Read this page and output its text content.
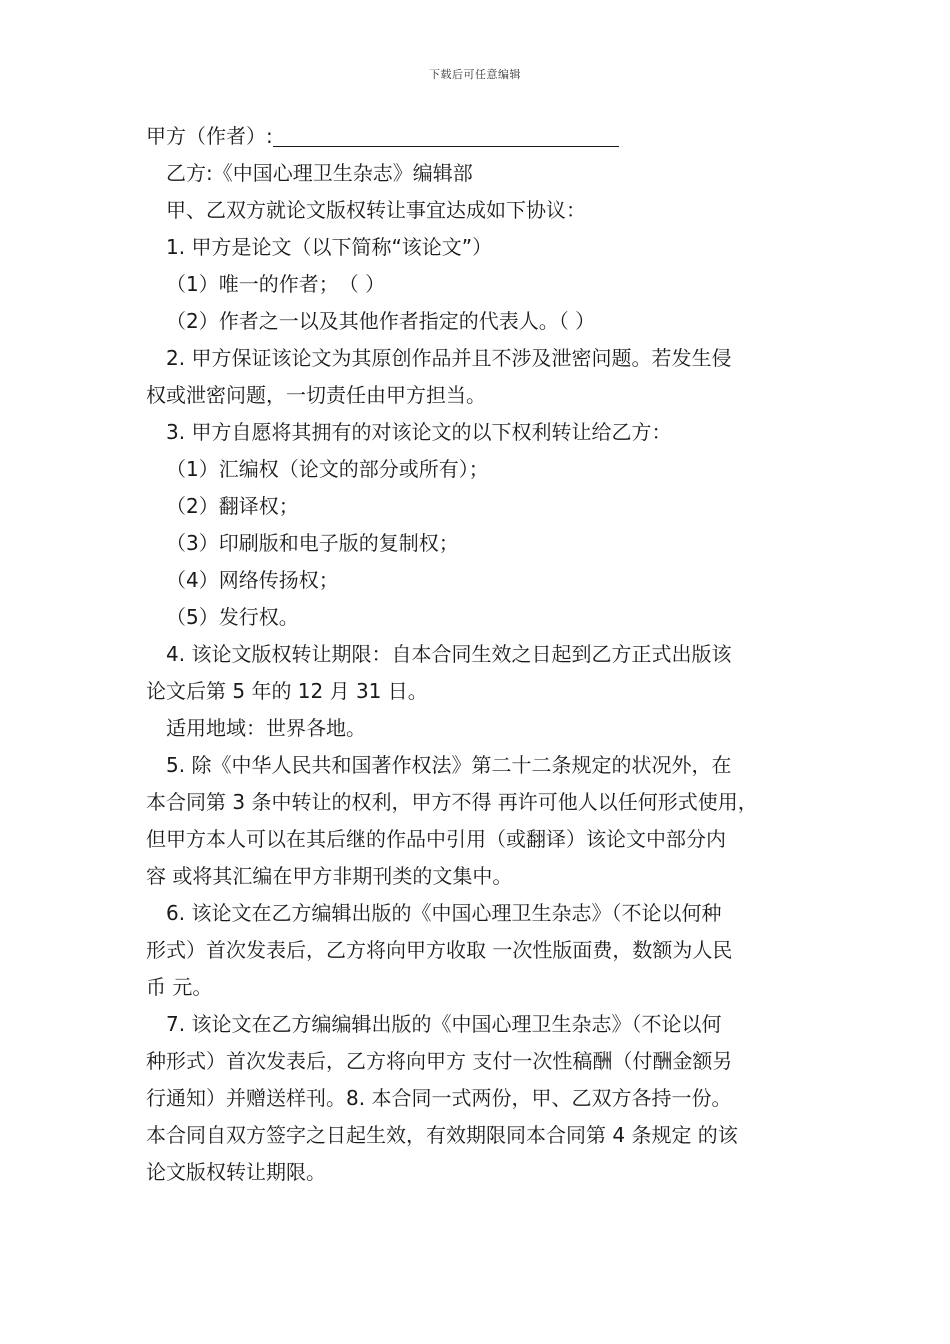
下载后可任意编辑
甲方（作者）:
乙方:《中国心理卫生杂志》编辑部
甲、乙双方就论文版权转让事宜达成如下协议：
1. 甲方是论文（以下简称“该论文”）
（1）唯一的作者；　（ ）
（2）作者之一以及其他作者指定的代表人。（ ）
2. 甲方保证该论文为其原创作品并且不涉及泄密问题。若发生侵
权或泄密问题，一切责任由甲方担当。
3. 甲方自愿将其拥有的对该论文的以下权利转让给乙方：
（1）汇编权（论文的部分或所有）；
（2）翻译权；
（3）印刷版和电子版的复制权；
（4）网络传扬权；
（5）发行权。
4. 该论文版权转让期限：自本合同生效之日起到乙方正式出版该
论文后第 5 年的 12 月 31 日。
适用地域：世界各地。
5. 除《中华人民共和国著作权法》第二十二条规定的状况外，在
本合同第 3 条中转让的权利，甲方不得 再许可他人以任何形式使用，
但甲方本人可以在其后继的作品中引用（或翻译）该论文中部分内
容 或将其汇编在甲方非期刊类的文集中。
6. 该论文在乙方编辑出版的《中国心理卫生杂志》（不论以何种
形式）首次发表后，乙方将向甲方收取 一次性版面费，数额为人民
币 元。
7. 该论文在乙方编编辑出版的《中国心理卫生杂志》（不论以何
种形式）首次发表后，乙方将向甲方 支付一次性稿酬（付酬金额另
行通知）并赠送样刊。8. 本合同一式两份，甲、乙双方各持一份。
本合同自双方签字之日起生效，有效期限同本合同第 4 条规定 的该
论文版权转让期限。
